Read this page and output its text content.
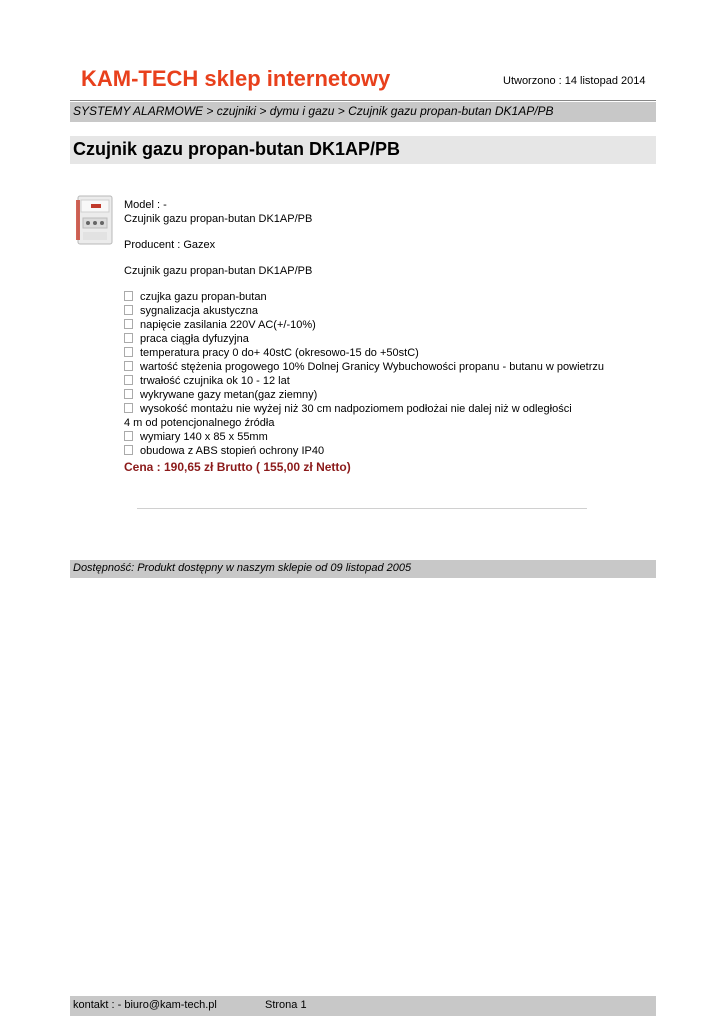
KAM-TECH sklep internetowy	Utworzono : 14 listopad 2014
SYSTEMY ALARMOWE > czujniki > dymu i gazu > Czujnik gazu propan-butan DK1AP/PB
Czujnik gazu propan-butan DK1AP/PB

Model : -

Czujnik gazu propan-butan DK1AP/PB

Producent : Gazex

Czujnik gazu propan-butan DK1AP/PB

czujka gazu propan-butan
sygnalizacja akustyczna
napięcie zasilania 220V AC(+/-10%)
praca ciągła dyfuzyjna
temperatura pracy 0 do+ 40stC (okresowo-15 do +50stC)
wartość stężenia progowego 10% Dolnej Granicy Wybuchowości propanu - butanu w powietrzu
trwałość czujnika ok 10 - 12 lat
wykrywane gazy metan(gaz ziemny)
wysokość montażu nie wyżej niż 30 cm nadpoziomem podłożai nie dalej niż w odległości
4 m od potencjonalnego źródła
wymiary 140 x 85 x 55mm
obudowa z ABS stopień ochrony IP40
Cena : 190,65 zł Brutto ( 155,00 zł Netto)
Dostępność: Produkt dostępny w naszym sklepie od 09 listopad 2005
kontakt : - biuro@kam-tech.pl	Strona 1
